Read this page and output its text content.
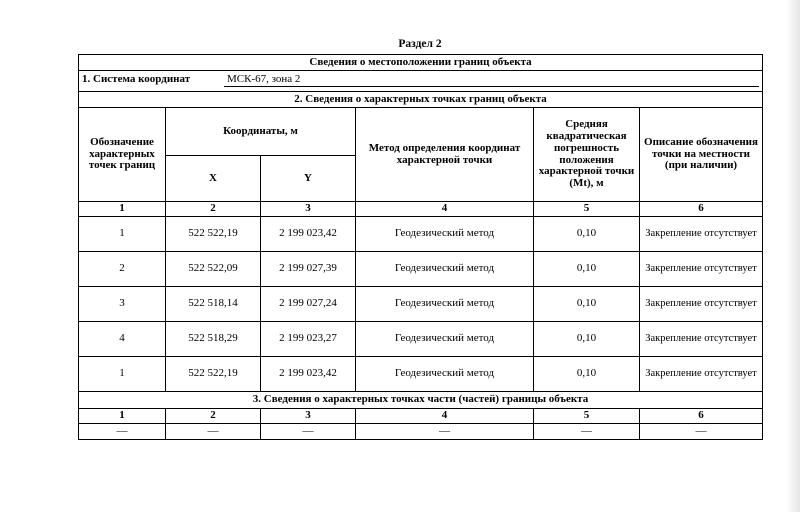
Раздел 2
Сведения о местоположении границ объекта					

1. Система координат МСК-67, зона 2					

2. Сведения о характерных точках границ объекта					
Обозначение характерных точек границ	Координаты, м		Метод определения координат характерной точки	Средняя квадратическая погрешность положения характерной точки (Mt), м	Описание обозначения точки на местности (при наличии)
	X	Y			
1	2	3	4	5	6
1	522 522,19	2 199 023,42	Геодезический метод	0,10	Закрепление отсутствует
2	522 522,09	2 199 027,39	Геодезический метод	0,10	Закрепление отсутствует
3	522 518,14	2 199 027,24	Геодезический метод	0,10	Закрепление отсутствует
4	522 518,29	2 199 023,27	Геодезический метод	0,10	Закрепление отсутствует
1	522 522,19	2 199 023,42	Геодезический метод	0,10	Закрепление отсутствует
3. Сведения о характерных точках части (частей) границы объекта					
1	2	3	4	5	6
—	—	—	—	—	—
